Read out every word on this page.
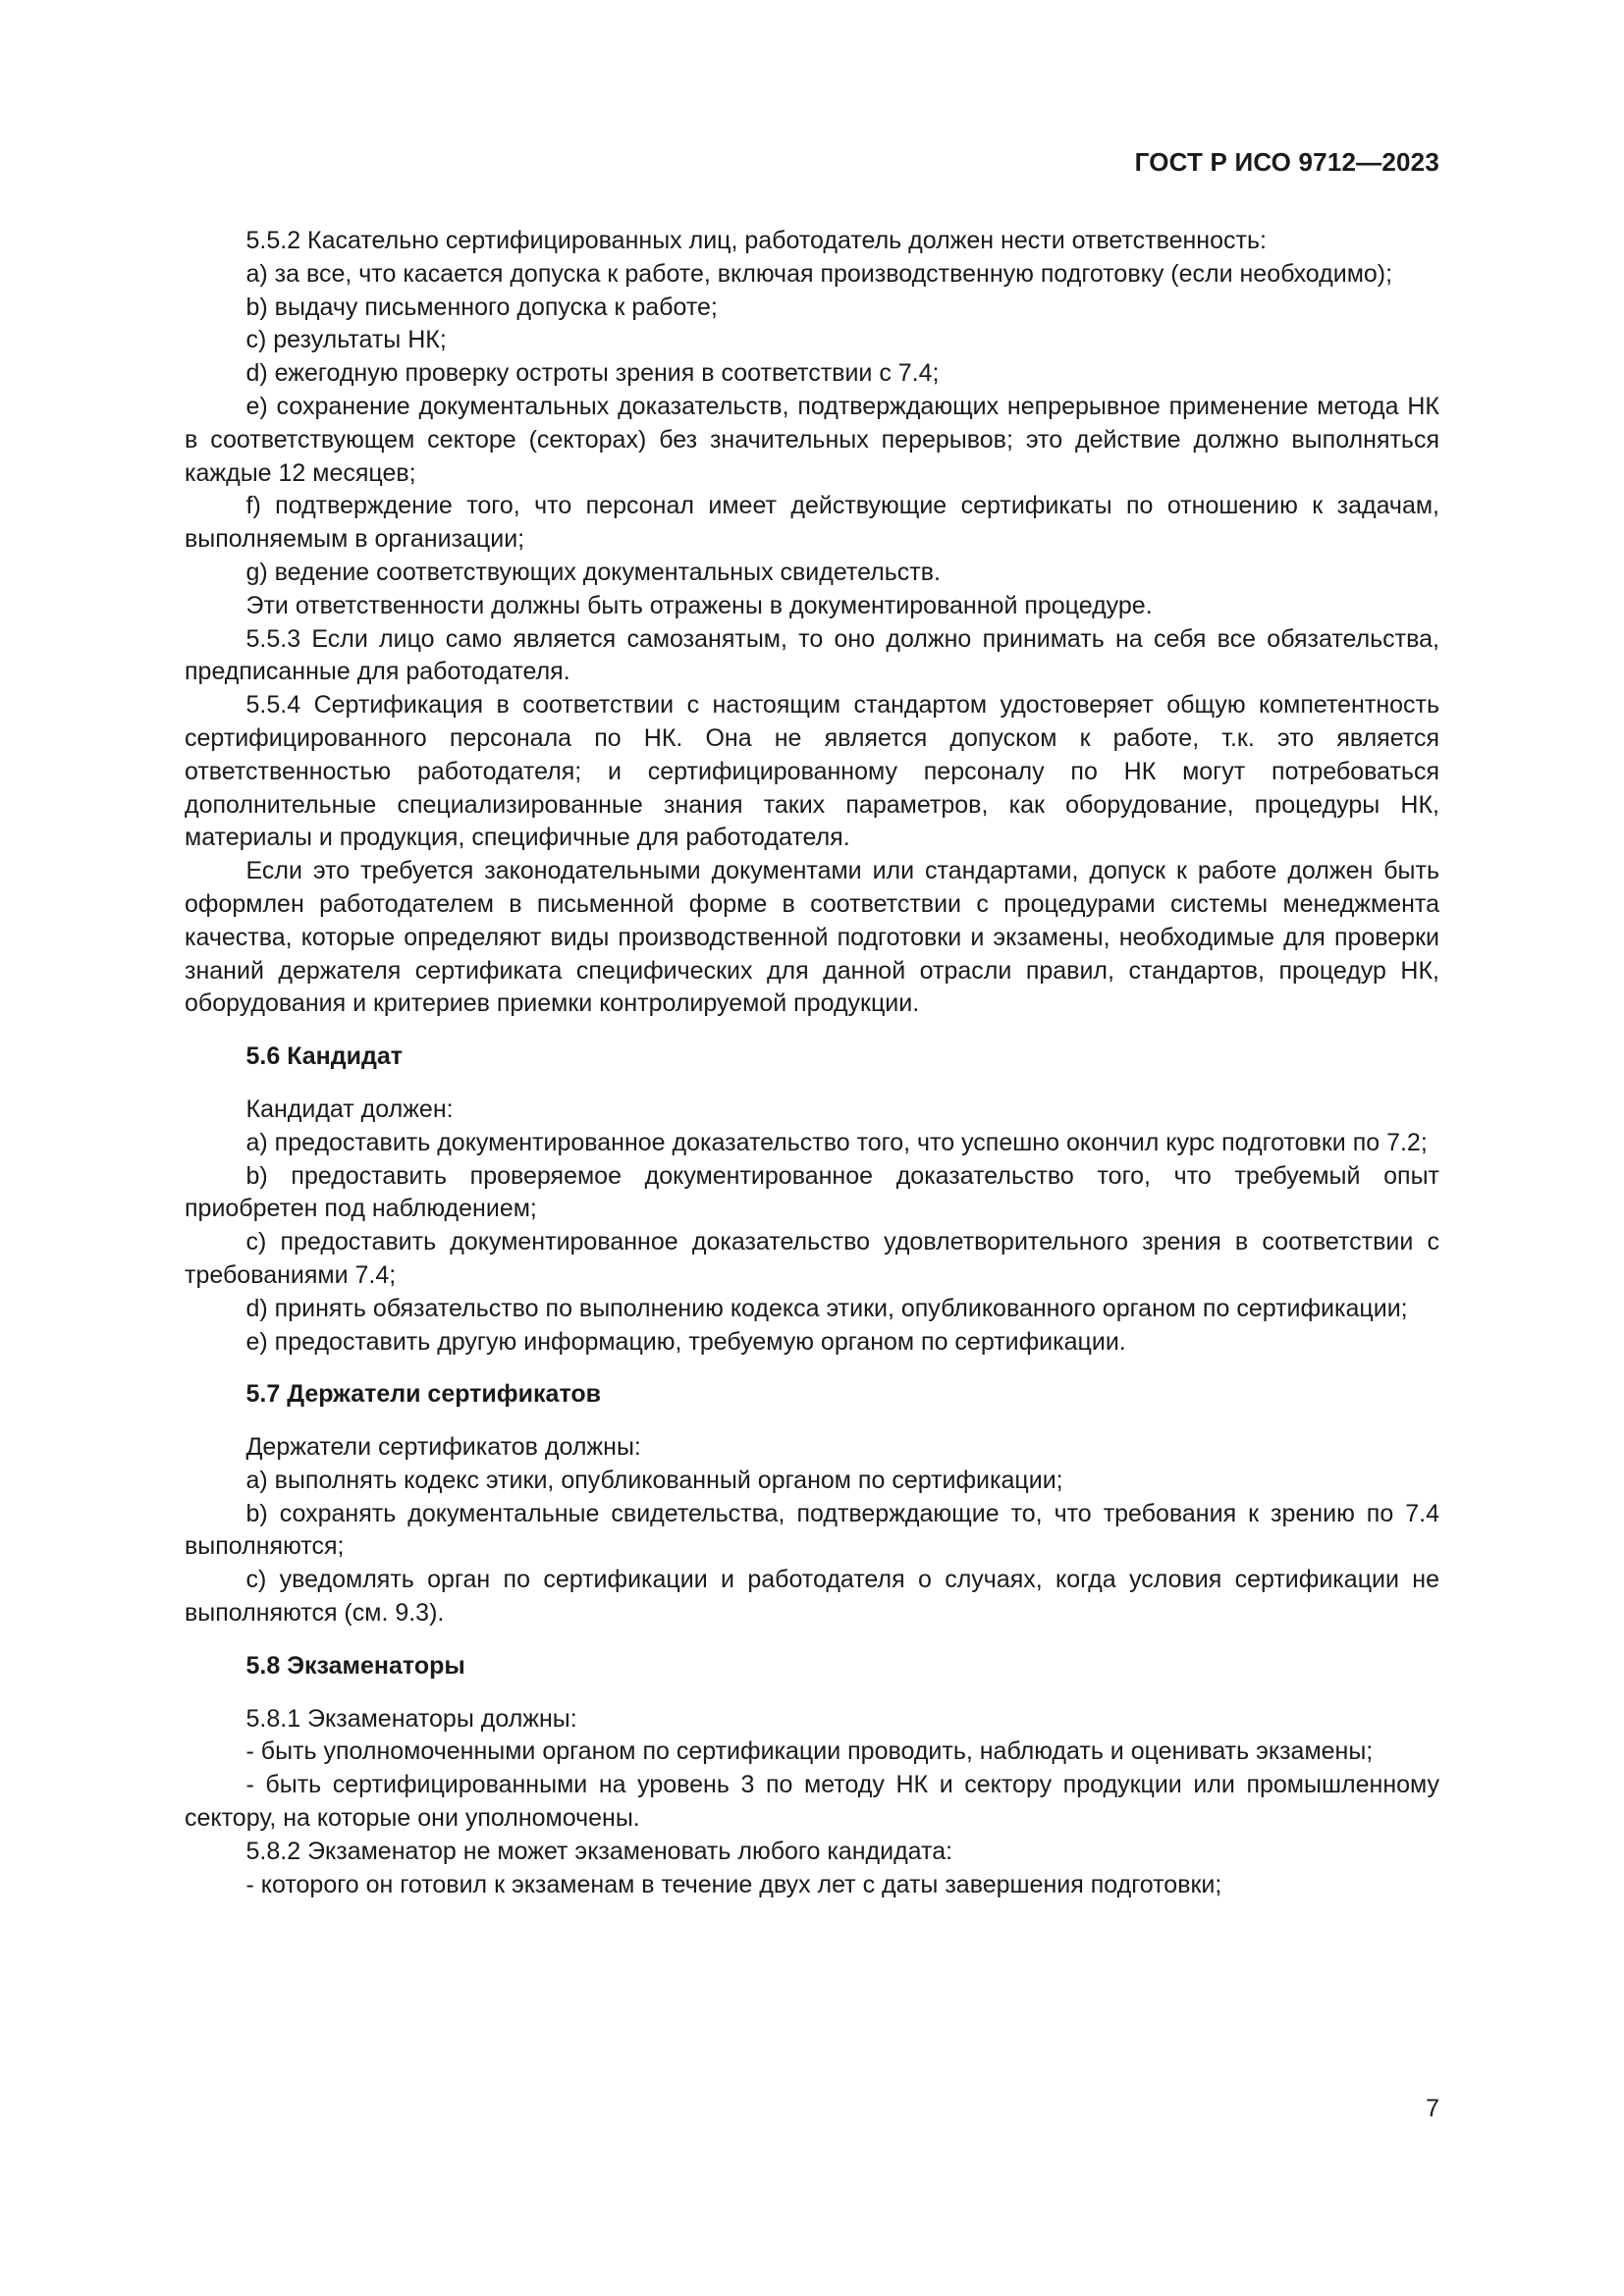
ГОСТ Р ИСО 9712—2023

5.5.2 Касательно сертифицированных лиц, работодатель должен нести ответственность:

a) за все, что касается допуска к работе, включая производственную подготовку (если необходимо);

b) выдачу письменного допуска к работе;

c) результаты НК;

d) ежегодную проверку остроты зрения в соответствии с 7.4;

e) сохранение документальных доказательств, подтверждающих непрерывное применение метода НК в соответствующем секторе (секторах) без значительных перерывов; это действие должно выполняться каждые 12 месяцев;

f) подтверждение того, что персонал имеет действующие сертификаты по отношению к задачам, выполняемым в организации;

g) ведение соответствующих документальных свидетельств.

Эти ответственности должны быть отражены в документированной процедуре.

5.5.3 Если лицо само является самозанятым, то оно должно принимать на себя все обязательства, предписанные для работодателя.

5.5.4 Сертификация в соответствии с настоящим стандартом удостоверяет общую компетентность сертифицированного персонала по НК. Она не является допуском к работе, т.к. это является ответственностью работодателя; и сертифицированному персоналу по НК могут потребоваться дополнительные специализированные знания таких параметров, как оборудование, процедуры НК, материалы и продукция, специфичные для работодателя.

Если это требуется законодательными документами или стандартами, допуск к работе должен быть оформлен работодателем в письменной форме в соответствии с процедурами системы менеджмента качества, которые определяют виды производственной подготовки и экзамены, необходимые для проверки знаний держателя сертификата специфических для данной отрасли правил, стандартов, процедур НК, оборудования и критериев приемки контролируемой продукции.

5.6 Кандидат

Кандидат должен:

a) предоставить документированное доказательство того, что успешно окончил курс подготовки по 7.2;

b) предоставить проверяемое документированное доказательство того, что требуемый опыт приобретен под наблюдением;

c) предоставить документированное доказательство удовлетворительного зрения в соответствии с требованиями 7.4;

d) принять обязательство по выполнению кодекса этики, опубликованного органом по сертификации;

e) предоставить другую информацию, требуемую органом по сертификации.

5.7 Держатели сертификатов

Держатели сертификатов должны:

a) выполнять кодекс этики, опубликованный органом по сертификации;

b) сохранять документальные свидетельства, подтверждающие то, что требования к зрению по 7.4 выполняются;

c) уведомлять орган по сертификации и работодателя о случаях, когда условия сертификации не выполняются (см. 9.3).

5.8 Экзаменаторы

5.8.1 Экзаменаторы должны:

- быть уполномоченными органом по сертификации проводить, наблюдать и оценивать экзамены;

- быть сертифицированными на уровень 3 по методу НК и сектору продукции или промышленному сектору, на которые они уполномочены.

5.8.2 Экзаменатор не может экзаменовать любого кандидата:

- которого он готовил к экзаменам в течение двух лет с даты завершения подготовки;

7
